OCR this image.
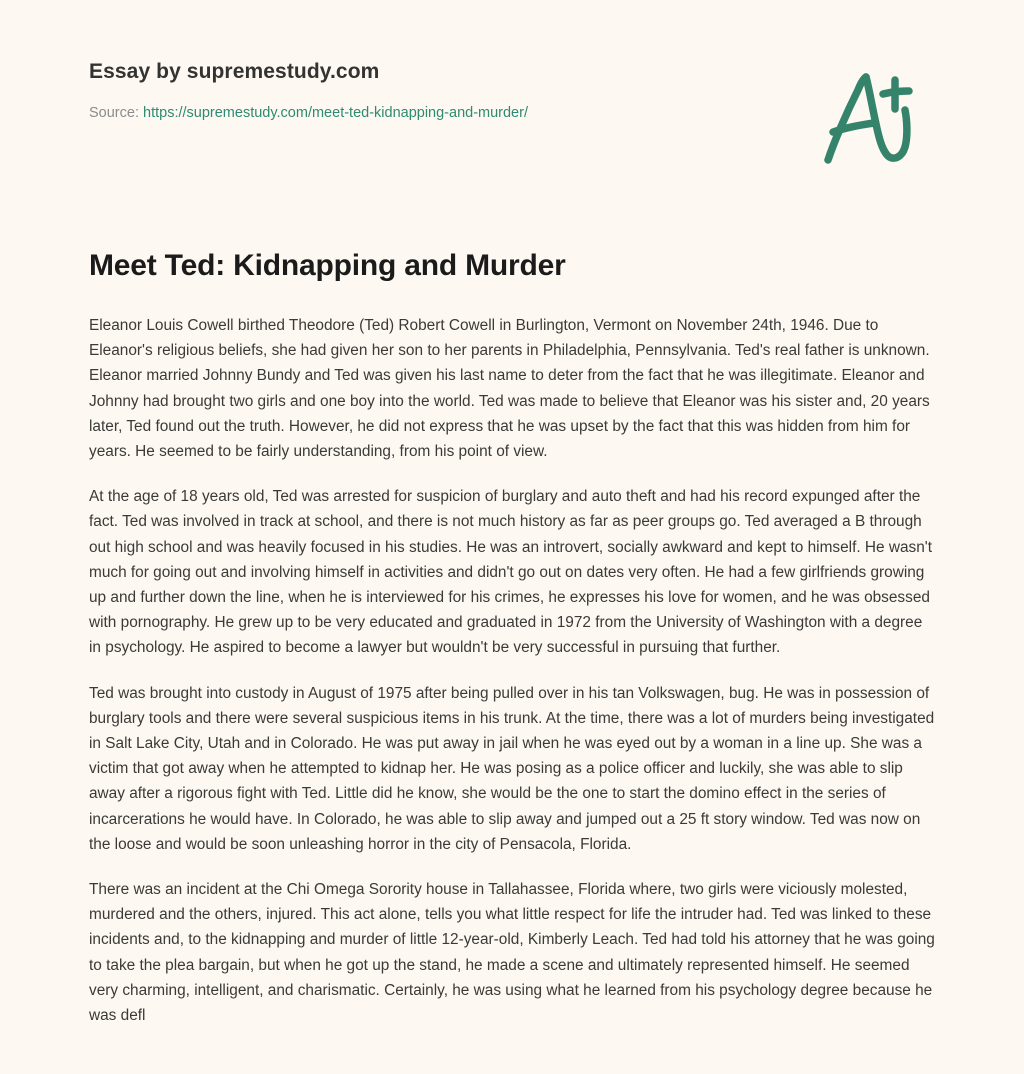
Essay by supremestudy.com
Source: https://supremestudy.com/meet-ted-kidnapping-and-murder/
Meet Ted: Kidnapping and Murder

Eleanor Louis Cowell birthed Theodore (Ted) Robert Cowell in Burlington, Vermont on November 24th, 1946. Due to Eleanor's religious beliefs, she had given her son to her parents in Philadelphia, Pennsylvania. Ted's real father is unknown. Eleanor married Johnny Bundy and Ted was given his last name to deter from the fact that he was illegitimate. Eleanor and Johnny had brought two girls and one boy into the world. Ted was made to believe that Eleanor was his sister and, 20 years later, Ted found out the truth. However, he did not express that he was upset by the fact that this was hidden from him for years. He seemed to be fairly understanding, from his point of view.

At the age of 18 years old, Ted was arrested for suspicion of burglary and auto theft and had his record expunged after the fact. Ted was involved in track at school, and there is not much history as far as peer groups go. Ted averaged a B through out high school and was heavily focused in his studies. He was an introvert, socially awkward and kept to himself. He wasn't much for going out and involving himself in activities and didn't go out on dates very often. He had a few girlfriends growing up and further down the line, when he is interviewed for his crimes, he expresses his love for women, and he was obsessed with pornography. He grew up to be very educated and graduated in 1972 from the University of Washington with a degree in psychology. He aspired to become a lawyer but wouldn't be very successful in pursuing that further.

Ted was brought into custody in August of 1975 after being pulled over in his tan Volkswagen, bug. He was in possession of burglary tools and there were several suspicious items in his trunk. At the time, there was a lot of murders being investigated in Salt Lake City, Utah and in Colorado. He was put away in jail when he was eyed out by a woman in a line up. She was a victim that got away when he attempted to kidnap her. He was posing as a police officer and luckily, she was able to slip away after a rigorous fight with Ted. Little did he know, she would be the one to start the domino effect in the series of incarcerations he would have. In Colorado, he was able to slip away and jumped out a 25 ft story window. Ted was now on the loose and would be soon unleashing horror in the city of Pensacola, Florida.

There was an incident at the Chi Omega Sorority house in Tallahassee, Florida where, two girls were viciously molested, murdered and the others, injured. This act alone, tells you what little respect for life the intruder had. Ted was linked to these incidents and, to the kidnapping and murder of little 12-year-old, Kimberly Leach. Ted had told his attorney that he was going to take the plea bargain, but when he got up the stand, he made a scene and ultimately represented himself. He seemed very charming, intelligent, and charismatic. Certainly, he was using what he learned from his psychology degree because he was defl
